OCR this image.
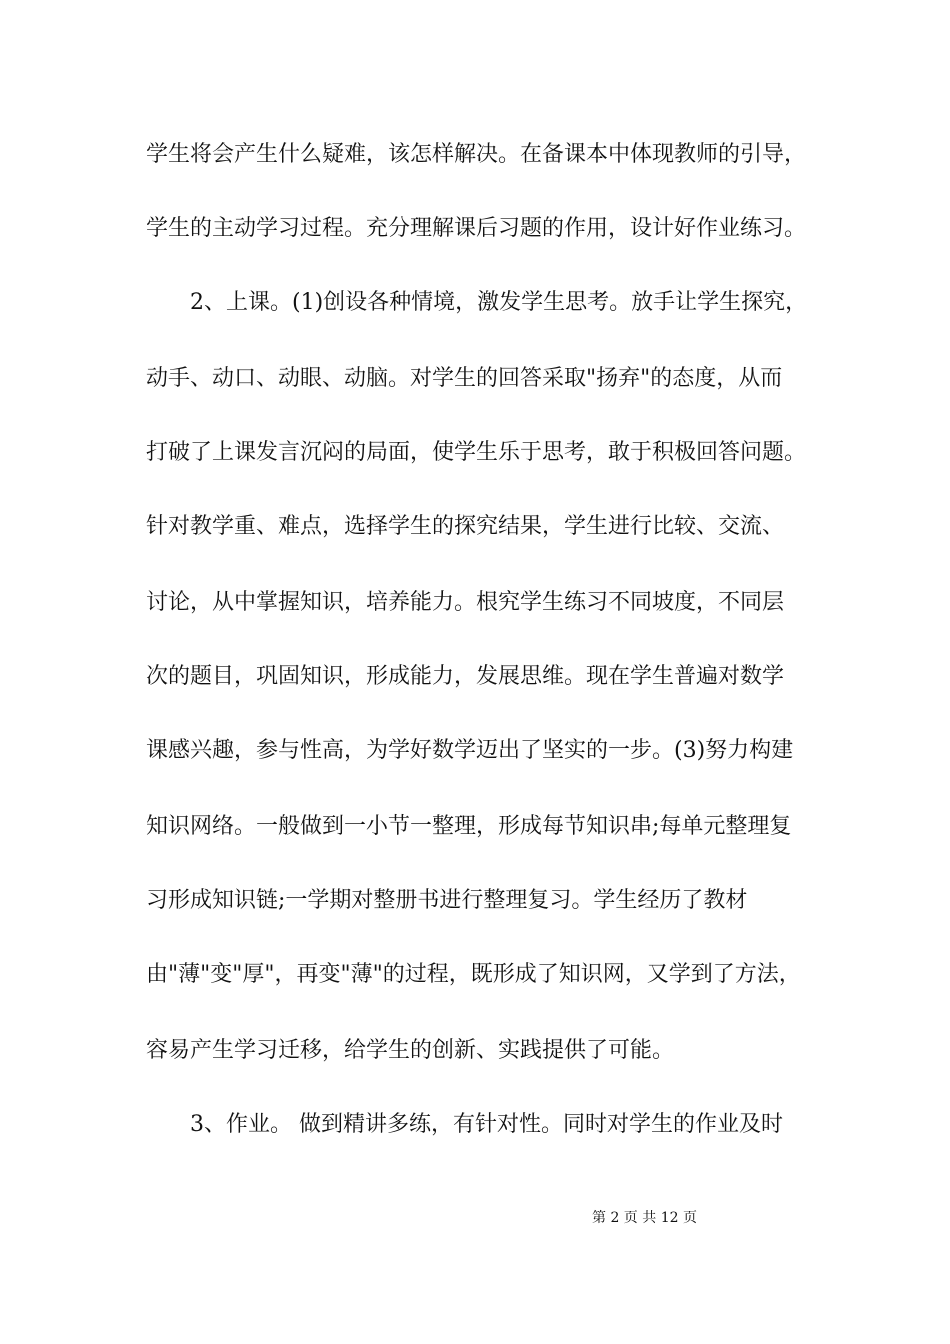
学生将会产生什么疑难，该怎样解决。在备课本中体现教师的引导，
学生的主动学习过程。充分理解课后习题的作用，设计好作业练习。
2、上课。(1)创设各种情境，激发学生思考。放手让学生探究，
动手、动口、动眼、动脑。对学生的回答采取"扬弃"的态度，从而
打破了上课发言沉闷的局面，使学生乐于思考，敢于积极回答问题。
针对教学重、难点，选择学生的探究结果，学生进行比较、交流、
讨论，从中掌握知识，培养能力。根究学生练习不同坡度，不同层
次的题目，巩固知识，形成能力，发展思维。现在学生普遍对数学
课感兴趣，参与性高，为学好数学迈出了坚实的一步。(3)努力构建
知识网络。一般做到一小节一整理，形成每节知识串;每单元整理复
习形成知识链;一学期对整册书进行整理复习。学生经历了教材
由"薄"变"厚"，再变"薄"的过程，既形成了知识网，又学到了方法，
容易产生学习迁移，给学生的创新、实践提供了可能。
3、作业。 做到精讲多练，有针对性。同时对学生的作业及时
第 2 页 共 12 页
